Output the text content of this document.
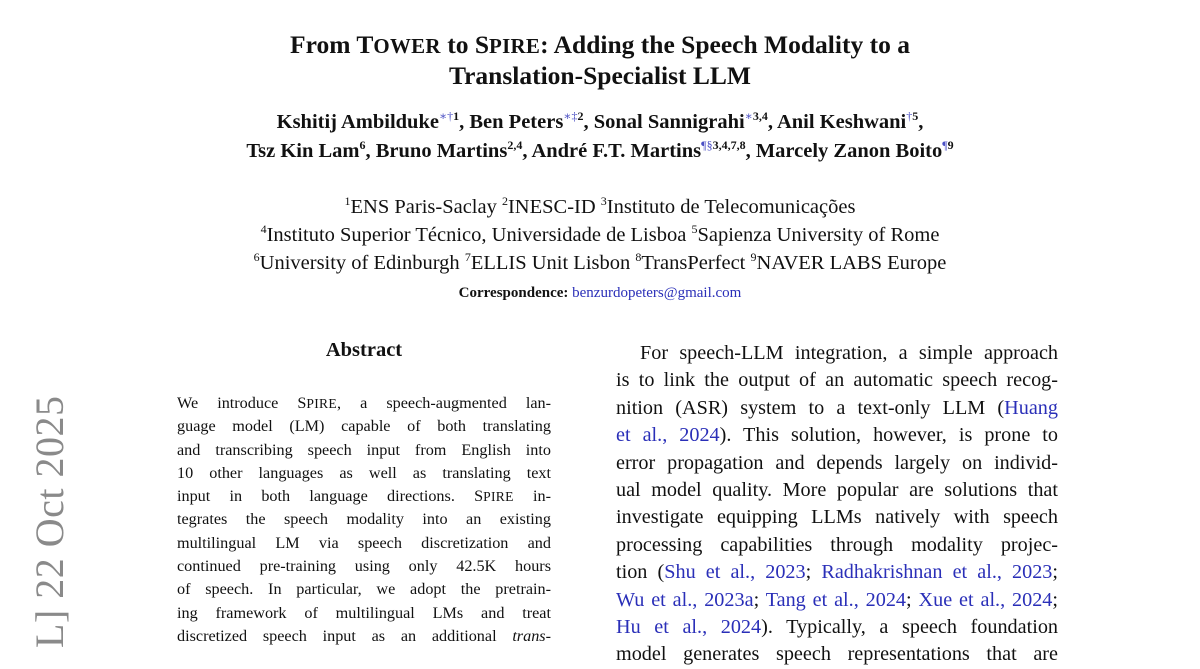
L] 22 Oct 2025
From TOWER to SPIRE: Adding the Speech Modality to a
Translation-Specialist LLM
Kshitij Ambilduke$^{∗\dagger 1}$, Ben Peters$^{∗\ddagger 2}$, Sonal Sannigrahi$^{∗3,4}$, Anil Keshwani$^{\dagger 5}$,
Tsz Kin Lam$^6$, Bruno Martins$^{2,4}$, André F.T. Martins$^{\P\S 3,4,7,8}$, Marcely Zanon Boito$^{\P 9}$
$^1$ENS Paris-Saclay $^2$INESC-ID $^3$Instituto de Telecomunicações
$^4$Instituto Superior Técnico, Universidade de Lisboa $^5$Sapienza University of Rome
$^6$University of Edinburgh $^7$ELLIS Unit Lisbon $^8$TransPerfect $^9$NAVER LABS Europe
Correspondence: benzurdopeters@gmail.com
Abstract
We introduce SPIRE, a speech-augmented lan-
guage model (LM) capable of both translating
and transcribing speech input from English into
10 other languages as well as translating text
input in both language directions. SPIRE in-
tegrates the speech modality into an existing
multilingual LM via speech discretization and
continued pre-training using only 42.5K hours
of speech. In particular, we adopt the pretrain-
ing framework of multilingual LMs and treat
discretized speech input as an additional trans-
For speech-LLM integration, a simple approach
is to link the output of an automatic speech recog-
nition (ASR) system to a text-only LLM (Huang
et al., 2024). This solution, however, is prone to
error propagation and depends largely on individ-
ual model quality. More popular are solutions that
investigate equipping LLMs natively with speech
processing capabilities through modality projec-
tion (Shu et al., 2023; Radhakrishnan et al., 2023;
Wu et al., 2023a; Tang et al., 2024; Xue et al., 2024;
Hu et al., 2024). Typically, a speech foundation
model generates speech representations that are
